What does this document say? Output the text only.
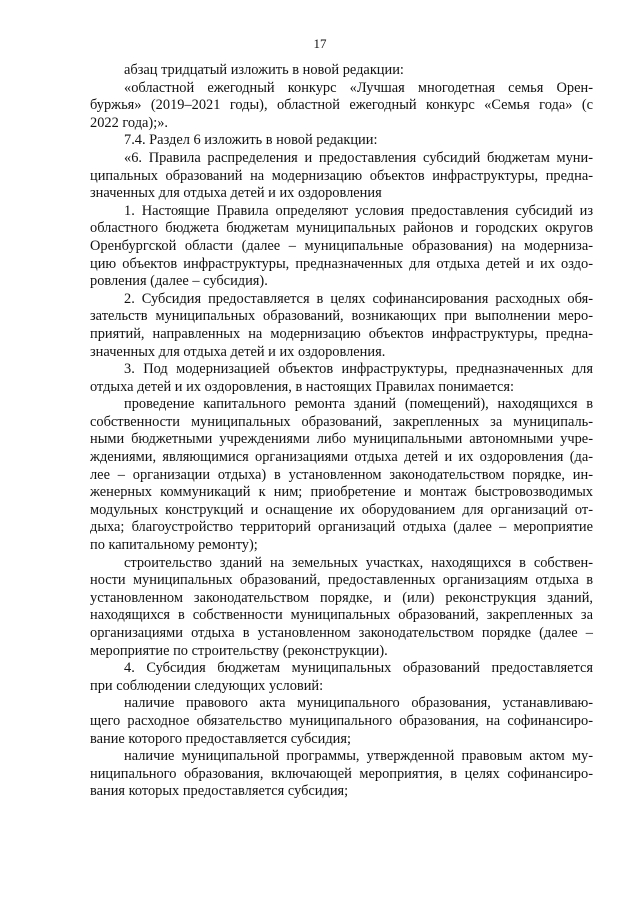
17
абзац тридцатый изложить в новой редакции:
«областной ежегодный конкурс «Лучшая многодетная семья Орен-
буржья» (2019–2021 годы), областной ежегодный конкурс «Семья года» (с
2022 года);».
7.4. Раздел 6 изложить в новой редакции:
«6. Правила распределения и предоставления субсидий бюджетам муни-
ципальных образований на модернизацию объектов инфраструктуры, предна-
значенных для отдыха детей и их оздоровления
1. Настоящие Правила определяют условия предоставления субсидий из
областного бюджета бюджетам муниципальных районов и городских округов
Оренбургской области (далее – муниципальные образования) на модерниза-
цию объектов инфраструктуры, предназначенных для отдыха детей и их оздо-
ровления (далее – субсидия).
2. Субсидия предоставляется в целях софинансирования расходных обя-
зательств муниципальных образований, возникающих при выполнении меро-
приятий, направленных на модернизацию объектов инфраструктуры, предна-
значенных для отдыха детей и их оздоровления.
3. Под модернизацией объектов инфраструктуры, предназначенных для
отдыха детей и их оздоровления, в настоящих Правилах понимается:
проведение капитального ремонта зданий (помещений), находящихся в
собственности муниципальных образований, закрепленных за муниципаль-
ными бюджетными учреждениями либо муниципальными автономными учре-
ждениями, являющимися организациями отдыха детей и их оздоровления (да-
лее – организации отдыха) в установленном законодательством порядке, ин-
женерных коммуникаций к ним; приобретение и монтаж быстровозводимых
модульных конструкций и оснащение их оборудованием для организаций от-
дыха; благоустройство территорий организаций отдыха (далее – мероприятие
по капитальному ремонту);
строительство зданий на земельных участках, находящихся в собствен-
ности муниципальных образований, предоставленных организациям отдыха в
установленном законодательством порядке, и (или) реконструкция зданий,
находящихся в собственности муниципальных образований, закрепленных за
организациями отдыха в установленном законодательством порядке (далее –
мероприятие по строительству (реконструкции).
4. Субсидия бюджетам муниципальных образований предоставляется
при соблюдении следующих условий:
наличие правового акта муниципального образования, устанавливаю-
щего расходное обязательство муниципального образования, на софинансиро-
вание которого предоставляется субсидия;
наличие муниципальной программы, утвержденной правовым актом му-
ниципального образования, включающей мероприятия, в целях софинансиро-
вания которых предоставляется субсидия;
